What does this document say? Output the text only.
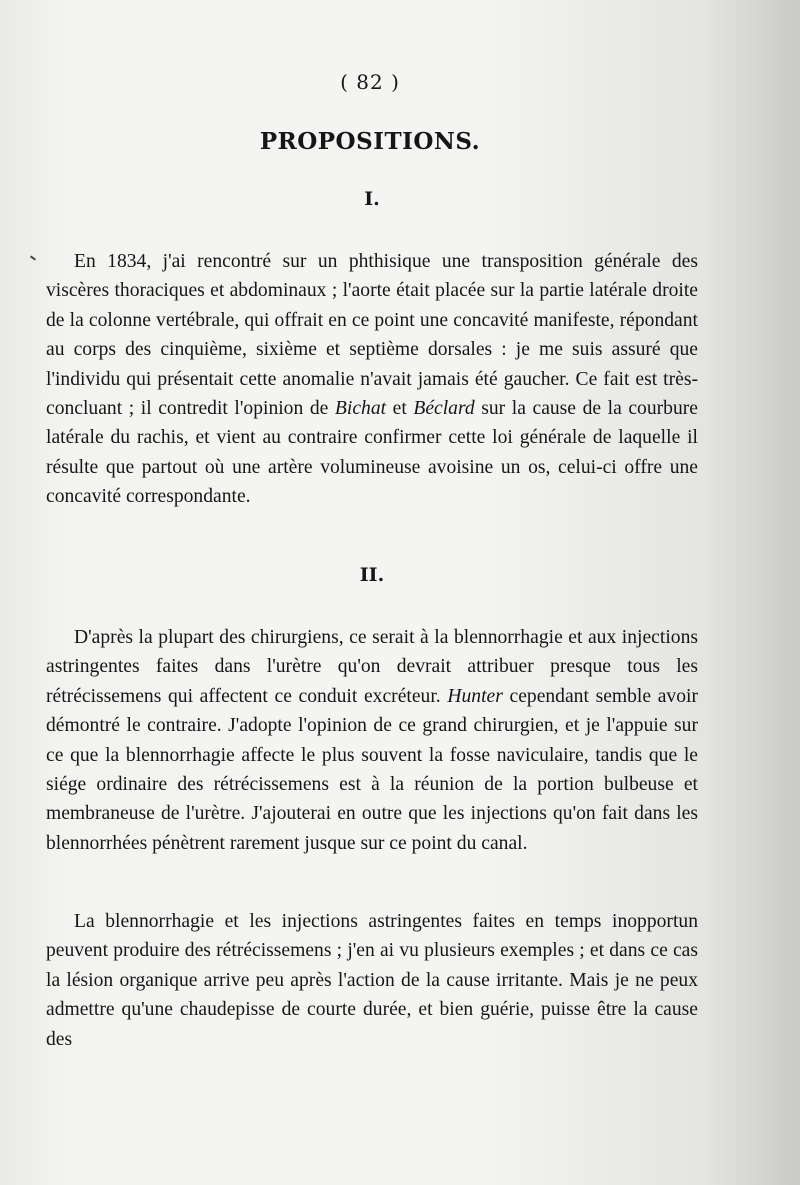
( 82 )
PROPOSITIONS.
I.

En 1834, j'ai rencontré sur un phthisique une transposition générale des viscères thoraciques et abdominaux ; l'aorte était placée sur la partie latérale droite de la colonne vertébrale, qui offrait en ce point une concavité manifeste, répondant au corps des cinquième, sixième et septième dorsales : je me suis assuré que l'individu qui présentait cette anomalie n'avait jamais été gaucher. Ce fait est très-concluant ; il contredit l'opinion de Bichat et Béclard sur la cause de la courbure latérale du rachis, et vient au contraire confirmer cette loi générale de laquelle il résulte que partout où une artère volumineuse avoisine un os, celui-ci offre une concavité correspondante.

II.

D'après la plupart des chirurgiens, ce serait à la blennorrhagie et aux injections astringentes faites dans l'urètre qu'on devrait attribuer presque tous les rétrécissemens qui affectent ce conduit excréteur. Hunter cependant semble avoir démontré le contraire. J'adopte l'opinion de ce grand chirurgien, et je l'appuie sur ce que la blennorrhagie affecte le plus souvent la fosse naviculaire, tandis que le siége ordinaire des rétrécissemens est à la réunion de la portion bulbeuse et membraneuse de l'urètre. J'ajouterai en outre que les injections qu'on fait dans les blennorrhées pénètrent rarement jusque sur ce point du canal.

La blennorrhagie et les injections astringentes faites en temps inopportun peuvent produire des rétrécissemens ; j'en ai vu plusieurs exemples ; et dans ce cas la lésion organique arrive peu après l'action de la cause irritante. Mais je ne peux admettre qu'une chaudepisse de courte durée, et bien guérie, puisse être la cause des
